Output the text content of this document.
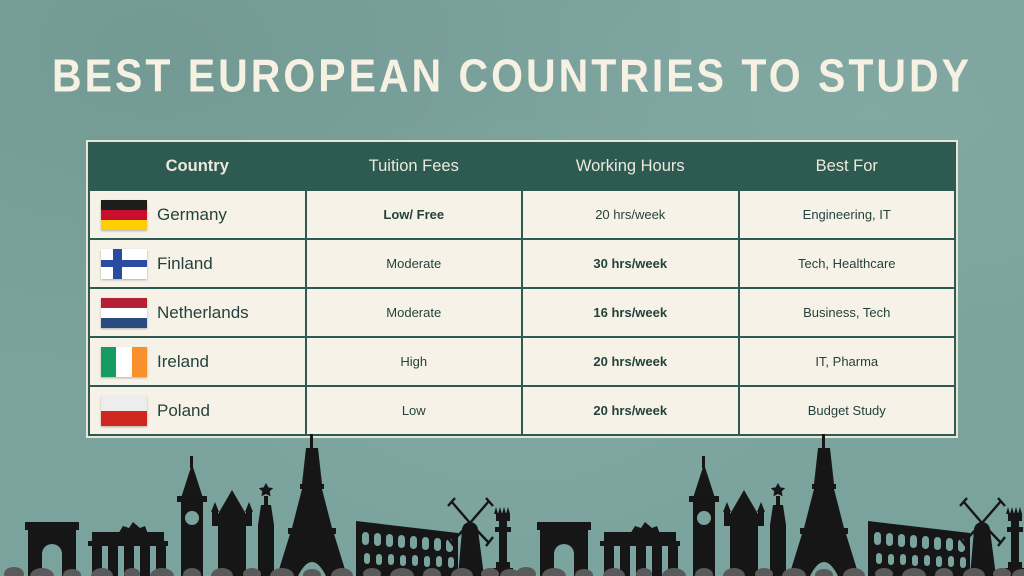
BEST EUROPEAN COUNTRIES TO STUDY
Country	Tuition Fees	Working Hours	Best For
Germany	Low/ Free	20 hrs/week	Engineering, IT
Finland	Moderate	30 hrs/week	Tech, Healthcare
Netherlands	Moderate	16 hrs/week	Business, Tech
Ireland	High	20 hrs/week	IT, Pharma
Poland	Low	20 hrs/week	Budget Study
